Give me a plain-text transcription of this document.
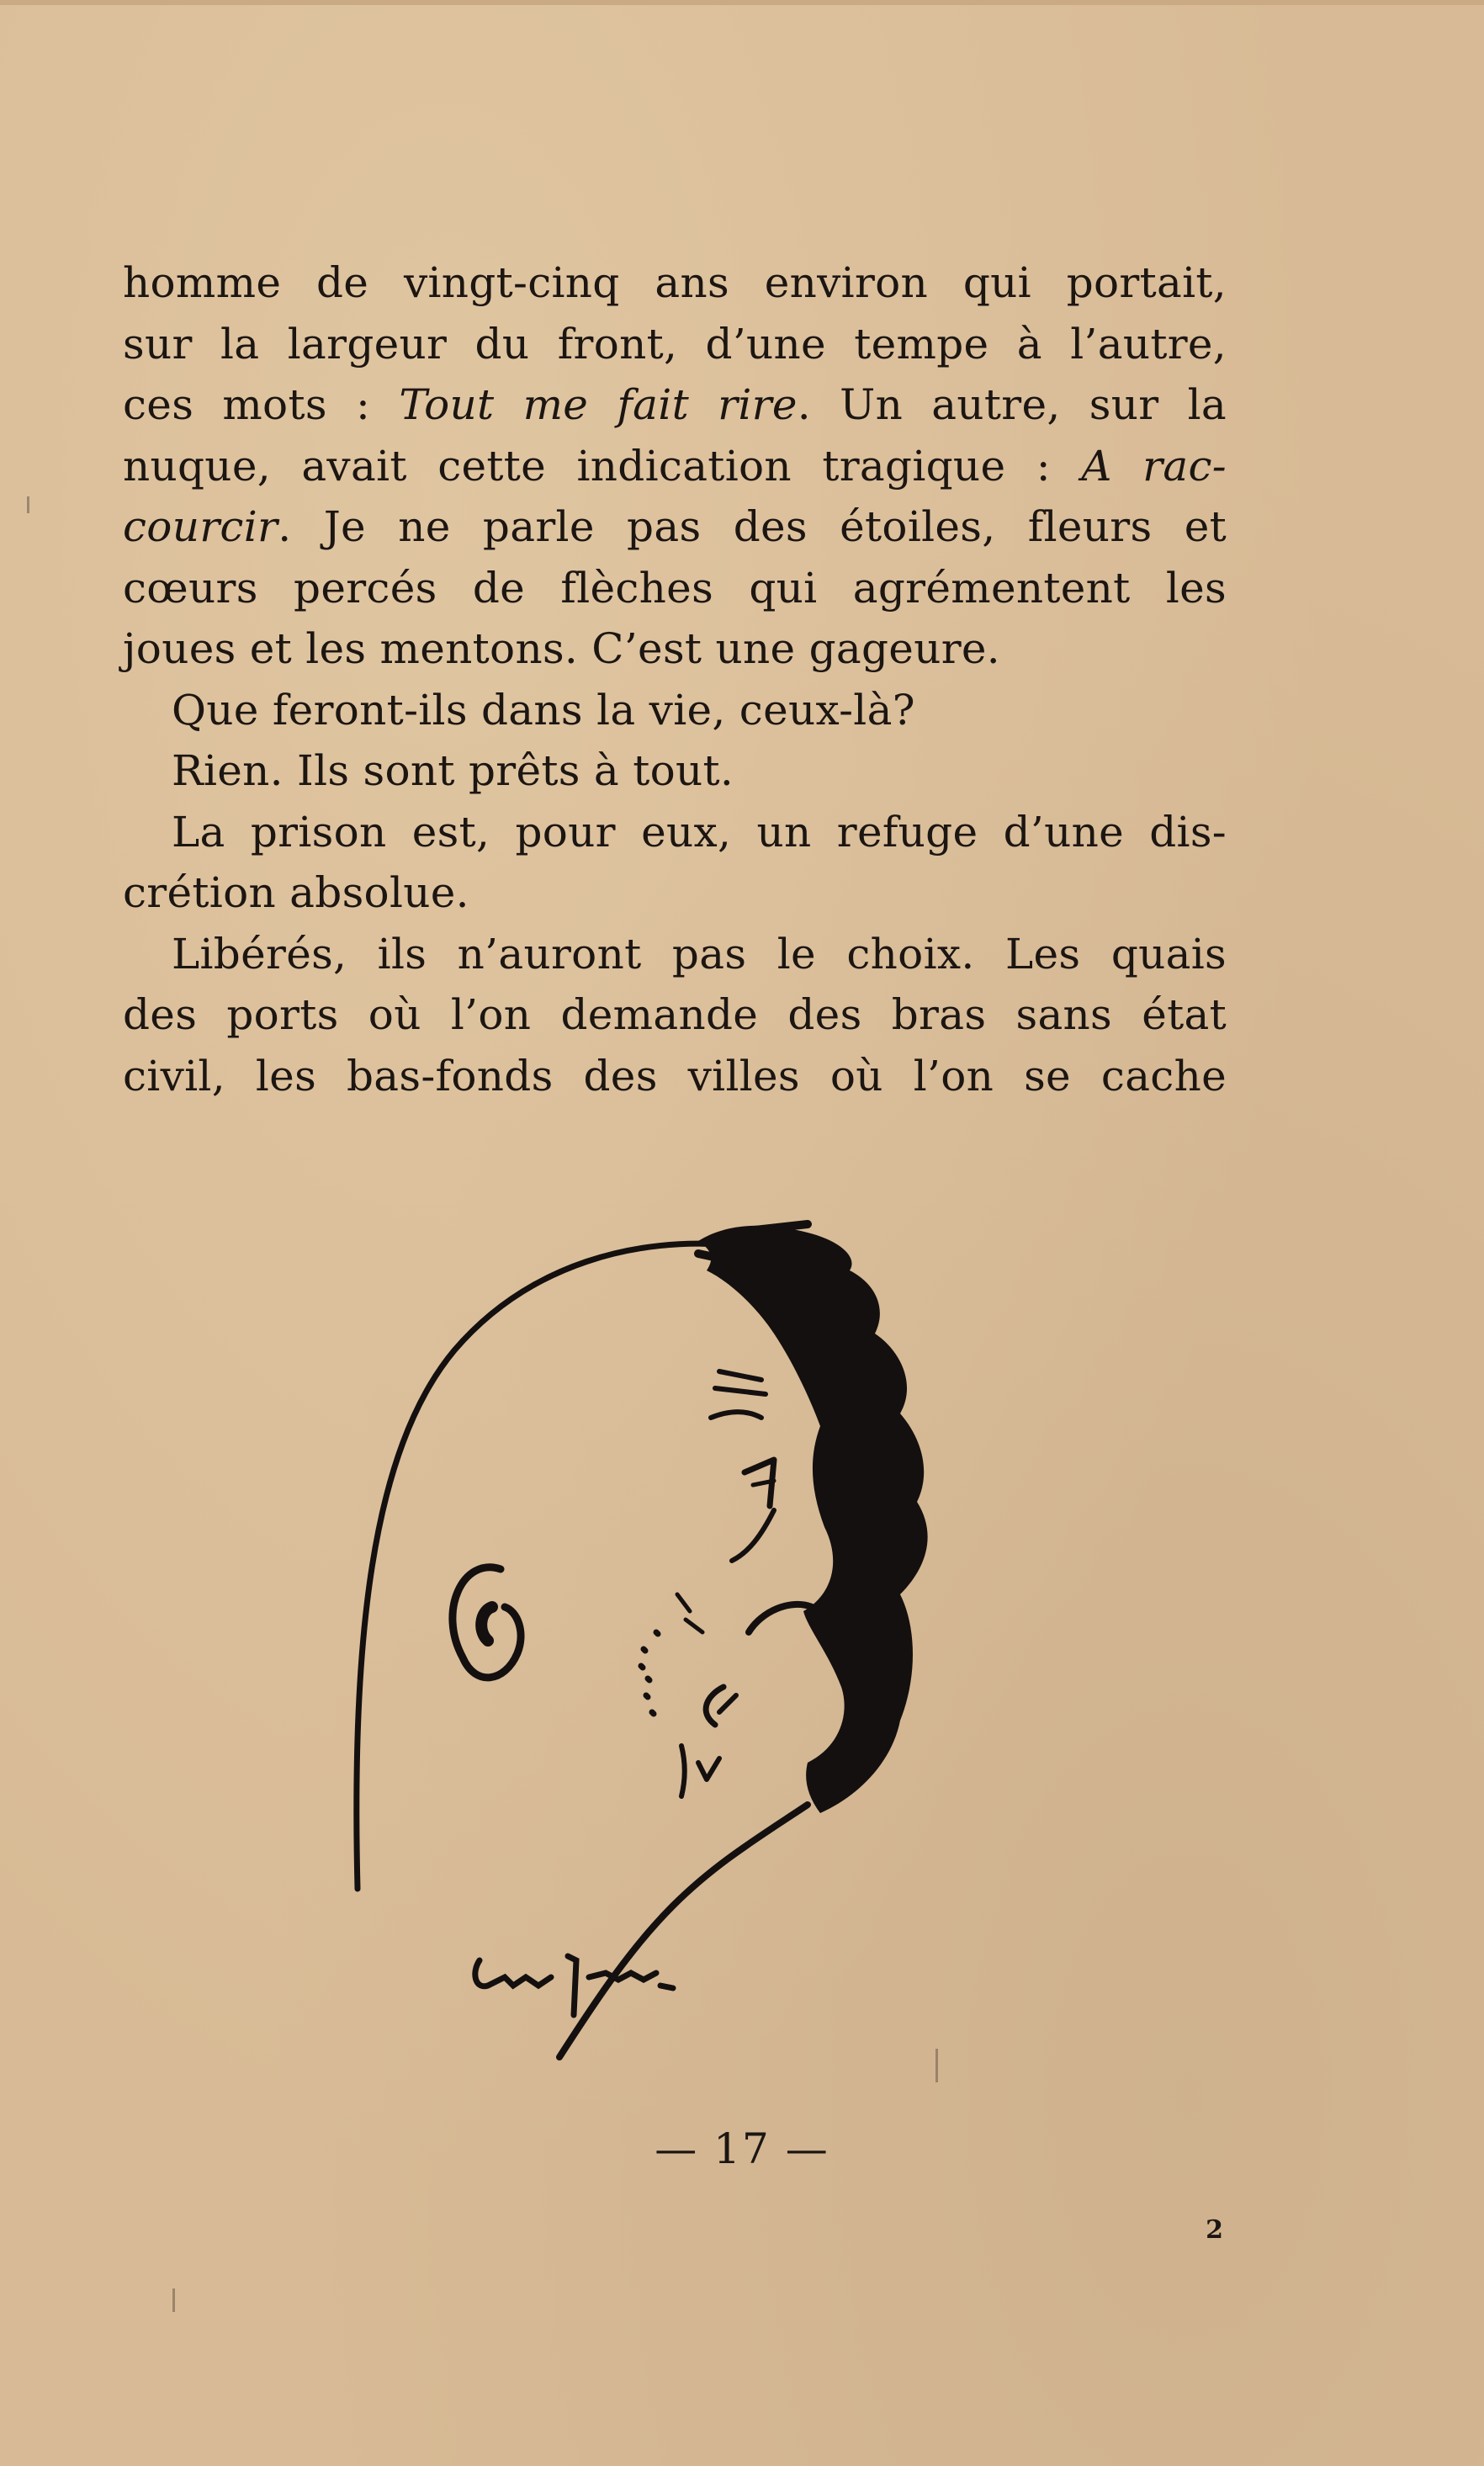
homme de vingt-cinq ans environ qui portait,
sur la largeur du front, d’une tempe à l’autre,
ces mots : Tout me fait rire. Un autre, sur la
nuque, avait cette indication tragique : A rac-
courcir. Je ne parle pas des étoiles, fleurs et
cœurs percés de flèches qui agrémentent les
joues et les mentons. C’est une gageure.
Que feront-ils dans la vie, ceux-là?
Rien. Ils sont prêts à tout.
La prison est, pour eux, un refuge d’une dis-
crétion absolue.
Libérés, ils n’auront pas le choix. Les quais
des ports où l’on demande des bras sans état
civil, les bas-fonds des villes où l’on se cache
— 17 —
2
